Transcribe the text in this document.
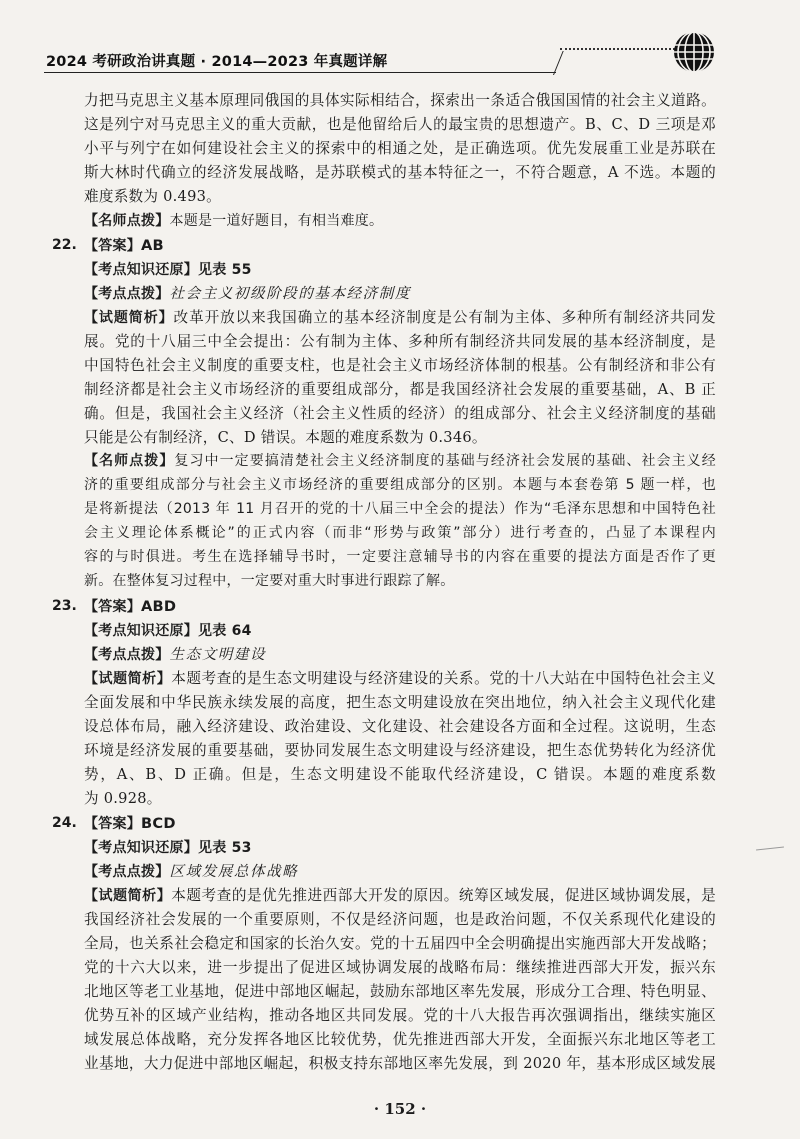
2024 考研政治讲真题 · 2014—2023 年真题详解
力把马克思主义基本原理同俄国的具体实际相结合，探索出一条适合俄国国情的社会主义道路。
这是列宁对马克思主义的重大贡献，也是他留给后人的最宝贵的思想遗产。B、C、D 三项是邓
小平与列宁在如何建设社会主义的探索中的相通之处，是正确选项。优先发展重工业是苏联在
斯大林时代确立的经济发展战略，是苏联模式的基本特征之一，不符合题意，A 不选。本题的
难度系数为 0.493。
【名师点拨】本题是一道好题目，有相当难度。
22. 【答案】AB
【考点知识还原】见表 55
【考点点拨】社会主义初级阶段的基本经济制度
【试题简析】改革开放以来我国确立的基本经济制度是公有制为主体、多种所有制经济共同发
展。党的十八届三中全会提出：公有制为主体、多种所有制经济共同发展的基本经济制度，是
中国特色社会主义制度的重要支柱，也是社会主义市场经济体制的根基。公有制经济和非公有
制经济都是社会主义市场经济的重要组成部分，都是我国经济社会发展的重要基础，A、B 正
确。但是，我国社会主义经济（社会主义性质的经济）的组成部分、社会主义经济制度的基础
只能是公有制经济，C、D 错误。本题的难度系数为 0.346。
【名师点拨】复习中一定要搞清楚社会主义经济制度的基础与经济社会发展的基础、社会主义经
济的重要组成部分与社会主义市场经济的重要组成部分的区别。本题与本套卷第 5 题一样，也
是将新提法（2013 年 11 月召开的党的十八届三中全会的提法）作为“毛泽东思想和中国特色社
会主义理论体系概论”的正式内容（而非“形势与政策”部分）进行考查的，凸显了本课程内
容的与时俱进。考生在选择辅导书时，一定要注意辅导书的内容在重要的提法方面是否作了更
新。在整体复习过程中，一定要对重大时事进行跟踪了解。
23. 【答案】ABD
【考点知识还原】见表 64
【考点点拨】生态文明建设
【试题简析】本题考查的是生态文明建设与经济建设的关系。党的十八大站在中国特色社会主义
全面发展和中华民族永续发展的高度，把生态文明建设放在突出地位，纳入社会主义现代化建
设总体布局，融入经济建设、政治建设、文化建设、社会建设各方面和全过程。这说明，生态
环境是经济发展的重要基础，要协同发展生态文明建设与经济建设，把生态优势转化为经济优
势，A、B、D 正确。但是，生态文明建设不能取代经济建设，C 错误。本题的难度系数
为 0.928。
24. 【答案】BCD
【考点知识还原】见表 53
【考点点拨】区域发展总体战略
【试题简析】本题考查的是优先推进西部大开发的原因。统筹区域发展，促进区域协调发展，是
我国经济社会发展的一个重要原则，不仅是经济问题，也是政治问题，不仅关系现代化建设的
全局，也关系社会稳定和国家的长治久安。党的十五届四中全会明确提出实施西部大开发战略；
党的十六大以来，进一步提出了促进区域协调发展的战略布局：继续推进西部大开发，振兴东
北地区等老工业基地，促进中部地区崛起，鼓励东部地区率先发展，形成分工合理、特色明显、
优势互补的区域产业结构，推动各地区共同发展。党的十八大报告再次强调指出，继续实施区
域发展总体战略，充分发挥各地区比较优势，优先推进西部大开发，全面振兴东北地区等老工
业基地，大力促进中部地区崛起，积极支持东部地区率先发展，到 2020 年，基本形成区域发展
· 152 ·
